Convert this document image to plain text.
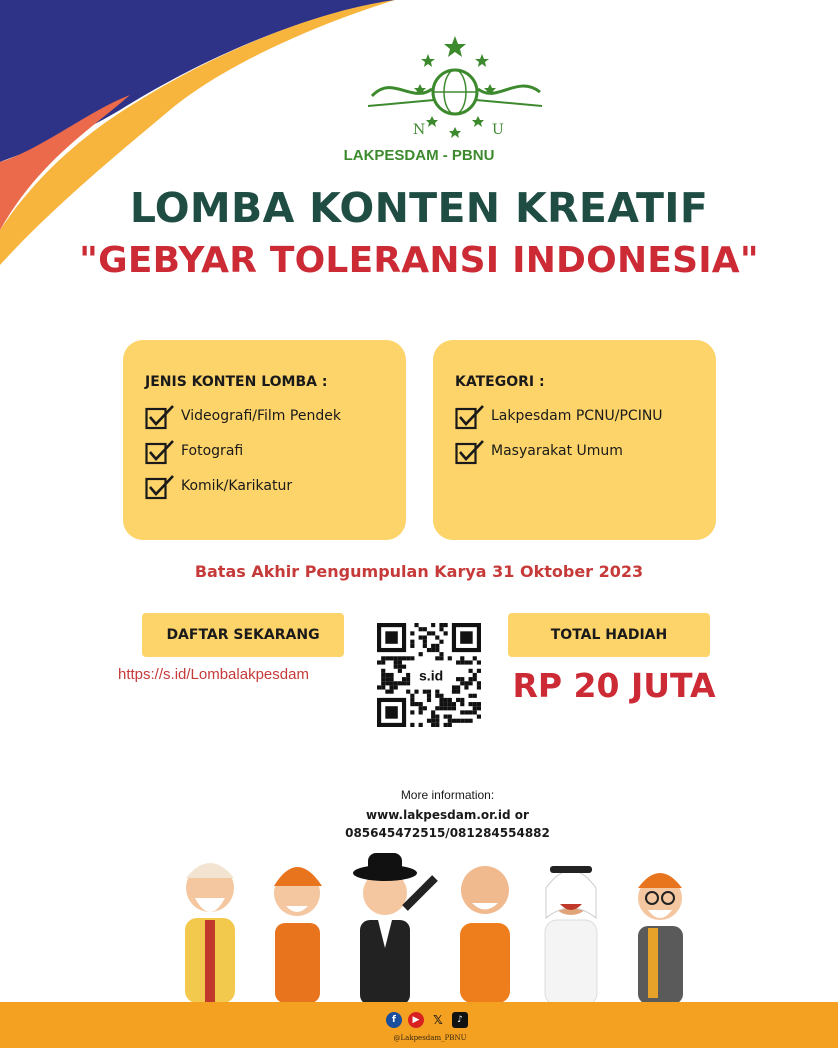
N	U
LAKPESDAM - PBNU
LOMBA KONTEN KREATIF
"GEBYAR TOLERANSI INDONESIA"
JENIS KONTEN LOMBA :
Videografi/Film Pendek
Fotografi
Komik/Karikatur
KATEGORI :
Lakpesdam PCNU/PCINU
Masyarakat Umum
Batas Akhir Pengumpulan Karya 31 Oktober 2023
DAFTAR SEKARANG
https://s.id/Lombalakpesdam	s.id
TOTAL HADIAH
RP 20 JUTA
More information:
www.lakpesdam.or.id or
085645472515/081284554882
f	▶	𝕏	♪
@Lakpesdam_PBNU
